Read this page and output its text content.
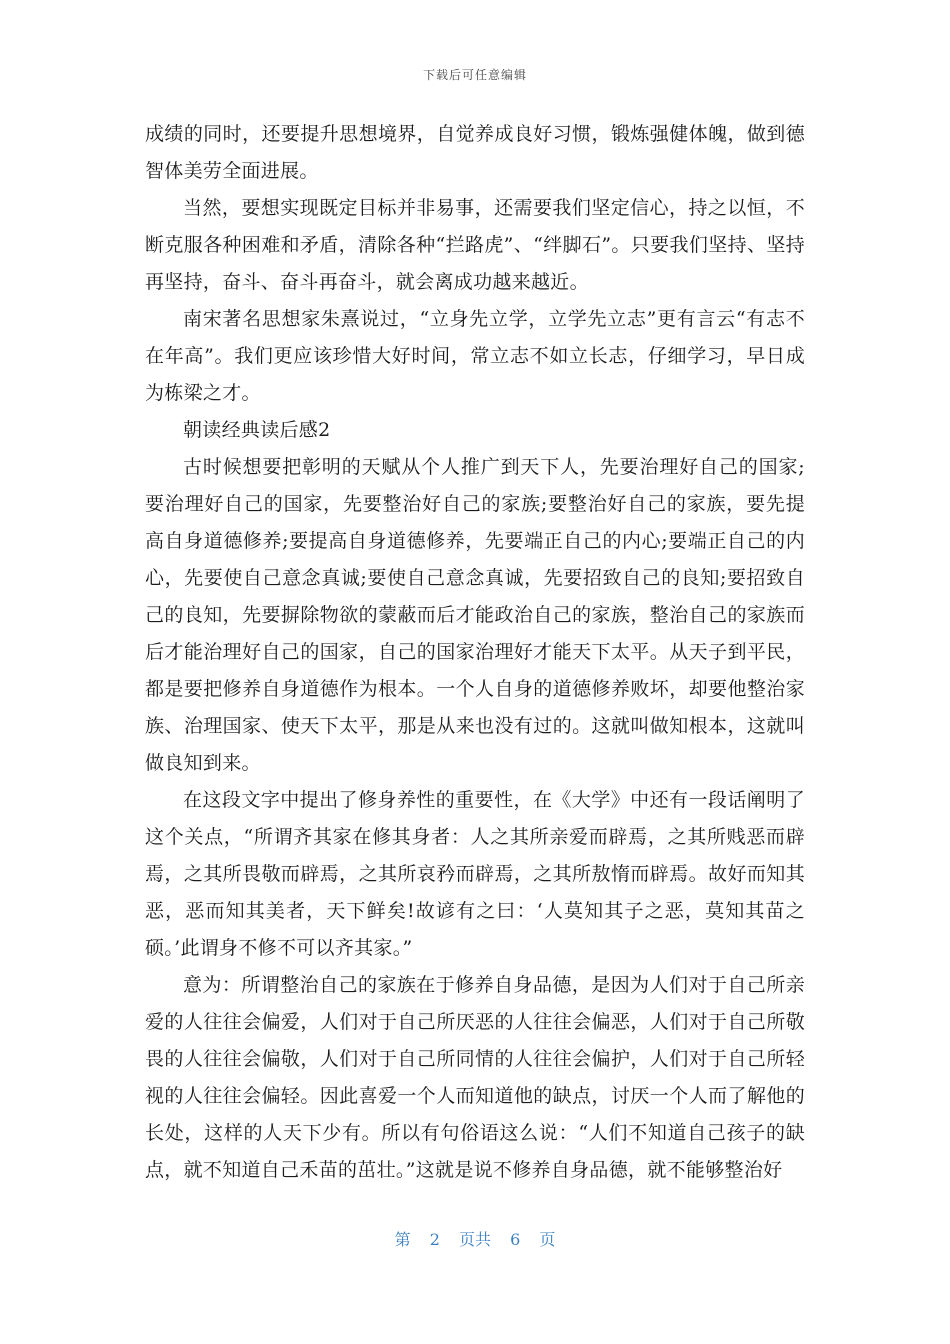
下载后可任意编辑

成绩的同时，还要提升思想境界，自觉养成良好习惯，锻炼强健体魄，做到德智体美劳全面进展。

当然，要想实现既定目标并非易事，还需要我们坚定信心，持之以恒，不断克服各种困难和矛盾，清除各种“拦路虎”、“绊脚石”。只要我们坚持、坚持再坚持，奋斗、奋斗再奋斗，就会离成功越来越近。

南宋著名思想家朱熹说过，“立身先立学，立学先立志”更有言云“有志不在年高”。我们更应该珍惜大好时间，常立志不如立长志，仔细学习，早日成为栋梁之才。

朝读经典读后感2

古时候想要把彰明的天赋从个人推广到天下人，先要治理好自己的国家;要治理好自己的国家，先要整治好自己的家族;要整治好自己的家族，要先提高自身道德修养;要提高自身道德修养，先要端正自己的内心;要端正自己的内心，先要使自己意念真诚;要使自己意念真诚，先要招致自己的良知;要招致自己的良知，先要摒除物欲的蒙蔽而后才能政治自己的家族，整治自己的家族而后才能治理好自己的国家，自己的国家治理好才能天下太平。从天子到平民，都是要把修养自身道德作为根本。一个人自身的道德修养败坏，却要他整治家族、治理国家、使天下太平，那是从来也没有过的。这就叫做知根本，这就叫做良知到来。

在这段文字中提出了修身养性的重要性，在《大学》中还有一段话阐明了这个关点，“所谓齐其家在修其身者：人之其所亲爱而辟焉，之其所贱恶而辟焉，之其所畏敬而辟焉，之其所哀矜而辟焉，之其所敖惰而辟焉。故好而知其恶，恶而知其美者，天下鲜矣!故谚有之曰：‘人莫知其子之恶，莫知其苗之硕。’此谓身不修不可以齐其家。”

意为：所谓整治自己的家族在于修养自身品德，是因为人们对于自己所亲爱的人往往会偏爱，人们对于自己所厌恶的人往往会偏恶，人们对于自己所敬畏的人往往会偏敬，人们对于自己所同情的人往往会偏护，人们对于自己所轻视的人往往会偏轻。因此喜爱一个人而知道他的缺点，讨厌一个人而了解他的长处，这样的人天下少有。所以有句俗语这么说：“人们不知道自己孩子的缺点，就不知道自己禾苗的茁壮。”这就是说不修养自身品德，就不能够整治好

第 2 页共 6 页
